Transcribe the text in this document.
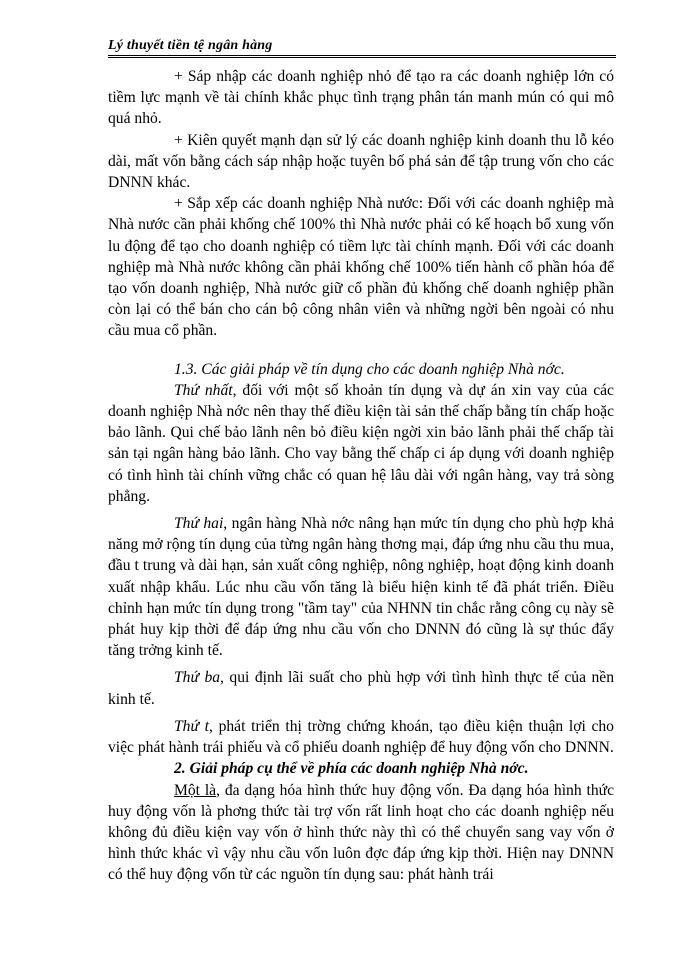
Lý thuyết tiền tệ ngân hàng

+ Sáp nhập các doanh nghiệp nhỏ để tạo ra các doanh nghiệp lớn có tiềm lực mạnh về tài chính khắc phục tình trạng phân tán manh mún có qui mô quá nhỏ.

+ Kiên quyết mạnh dạn sử lý các doanh nghiệp kinh doanh thu lỗ kéo dài, mất vốn bằng cách sáp nhập hoặc tuyên bố phá sản để tập trung vốn cho các DNNN khác.

+ Sắp xếp các doanh nghiệp Nhà nước: Đối với các doanh nghiệp mà Nhà nước cần phải khống chế 100% thì Nhà nước phải có kế hoạch bổ xung vốn lu động để tạo cho doanh nghiệp có tiềm lực tài chính mạnh. Đối với các doanh nghiệp mà Nhà nước không cần phải khống chế 100% tiến hành cổ phần hóa để tạo vốn doanh nghiệp, Nhà nước giữ cổ phần đủ khống chế doanh nghiệp phần còn lại có thể bán cho cán bộ công nhân viên và những ngời bên ngoài có nhu cầu mua cổ phần.

1.3. Các giải pháp về tín dụng cho các doanh nghiệp Nhà nớc.

Thứ nhất, đối với một số khoản tín dụng và dự án xin vay của các doanh nghiệp Nhà nớc nên thay thế điều kiện tài sản thế chấp bằng tín chấp hoặc bảo lãnh. Qui chế bảo lãnh nên bỏ điều kiện ngời xin bảo lãnh phải thế chấp tài sản tại ngân hàng bảo lãnh. Cho vay bằng thế chấp ci áp dụng với doanh nghiệp có tình hình tài chính vững chắc có quan hệ lâu dài với ngân hàng, vay trả sòng phẳng.

Thứ hai, ngân hàng Nhà nớc nâng hạn mức tín dụng cho phù hợp khả năng mở rộng tín dụng của từng ngân hàng thơng mại, đáp ứng nhu cầu thu mua, đầu t trung và dài hạn, sản xuất công nghiệp, nông nghiệp, hoạt động kinh doanh xuất nhập khẩu. Lúc nhu cầu vốn tăng là biểu hiện kinh tế đã phát triển. Điều chỉnh hạn mức tín dụng trong "tầm tay" của NHNN tin chắc rằng công cụ này sẽ phát huy kịp thời để đáp ứng nhu cầu vốn cho DNNN đó cũng là sự thúc đẩy tăng trởng kinh tế.

Thứ ba, qui định lãi suất cho phù hợp với tình hình thực tế của nền kinh tế.

Thứ t, phát triển thị trờng chứng khoán, tạo điều kiện thuận lợi cho việc phát hành trái phiếu và cổ phiếu doanh nghiệp để huy động vốn cho DNNN.

2. Giải pháp cụ thể về phía các doanh nghiệp Nhà nớc.

Một là, đa dạng hóa hình thức huy động vốn. Đa dạng hóa hình thức huy động vốn là phơng thức tài trợ vốn rất linh hoạt cho các doanh nghiệp nếu không đủ điều kiện vay vốn ở hình thức này thì có thể chuyển sang vay vốn ở hình thức khác vì vậy nhu cầu vốn luôn đợc đáp ứng kịp thời. Hiện nay DNNN có thể huy động vốn từ các nguồn tín dụng sau: phát hành trái
